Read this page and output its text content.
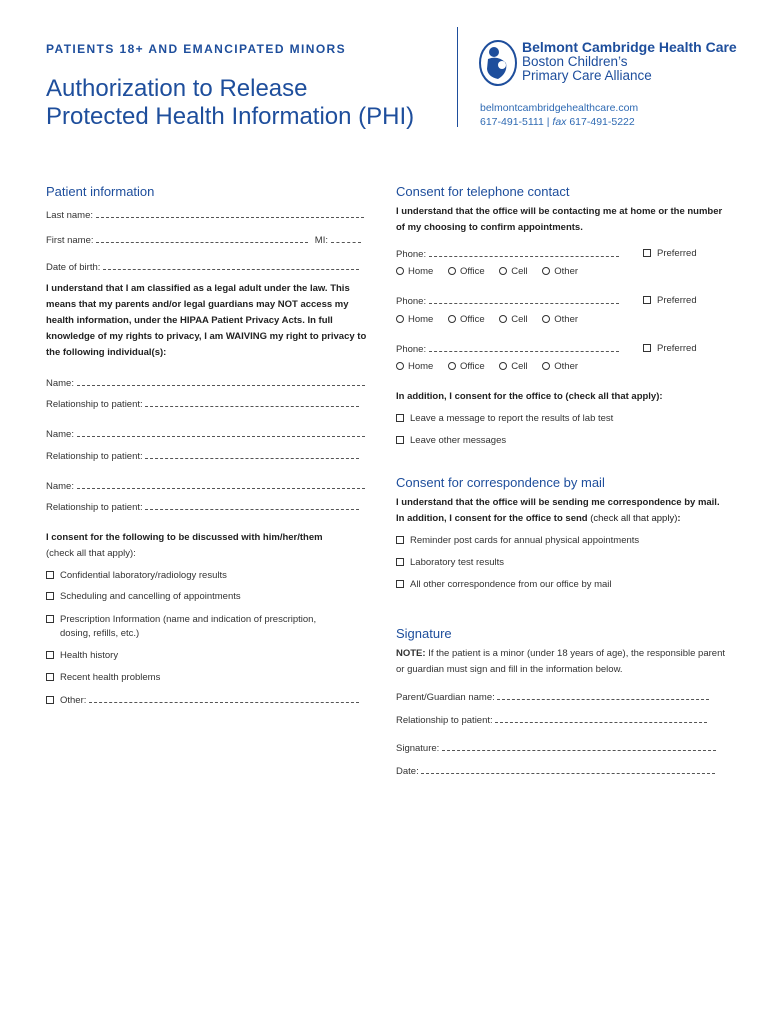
PATIENTS 18+ AND EMANCIPATED MINORS
Authorization to Release
Protected Health Information (PHI)
Belmont Cambridge Health Care
Boston Children’s
Primary Care Alliance
belmontcambridgehealthcare.com
617-491-5111 | fax 617-491-5222
Patient information
Last name:
First name:	MI:
Date of birth:
I understand that I am classified as a legal adult under the law. This means that my parents and/or legal guardians may NOT access my health information, under the HIPAA Patient Privacy Acts. In full knowledge of my rights to privacy, I am WAIVING my right to privacy to the following individual(s):
Name:
Relationship to patient:
Name:
Relationship to patient:
Name:
Relationship to patient:
I consent for the following to be discussed with him/her/them
(check all that apply):
Confidential laboratory/radiology results
Scheduling and cancelling of appointments
Prescription Information (name and indication of prescription,
dosing, refills, etc.)
Health history
Recent health problems
Other:
Consent for telephone contact
I understand that the office will be contacting me at home or the number of my choosing to confirm appointments.
Phone:	Preferred
Home	Office	Cell	Other
Phone:	Preferred
Home	Office	Cell	Other
Phone:	Preferred
Home	Office	Cell	Other
In addition, I consent for the office to (check all that apply):
Leave a message to report the results of lab test
Leave other messages
Consent for correspondence by mail
I understand that the office will be sending me correspondence by mail. In addition, I consent for the office to send (check all that apply):
Reminder post cards for annual physical appointments
Laboratory test results
All other correspondence from our office by mail
Signature
NOTE: If the patient is a minor (under 18 years of age), the responsible parent or guardian must sign and fill in the information below.
Parent/Guardian name:
Relationship to patient:
Signature:
Date:
